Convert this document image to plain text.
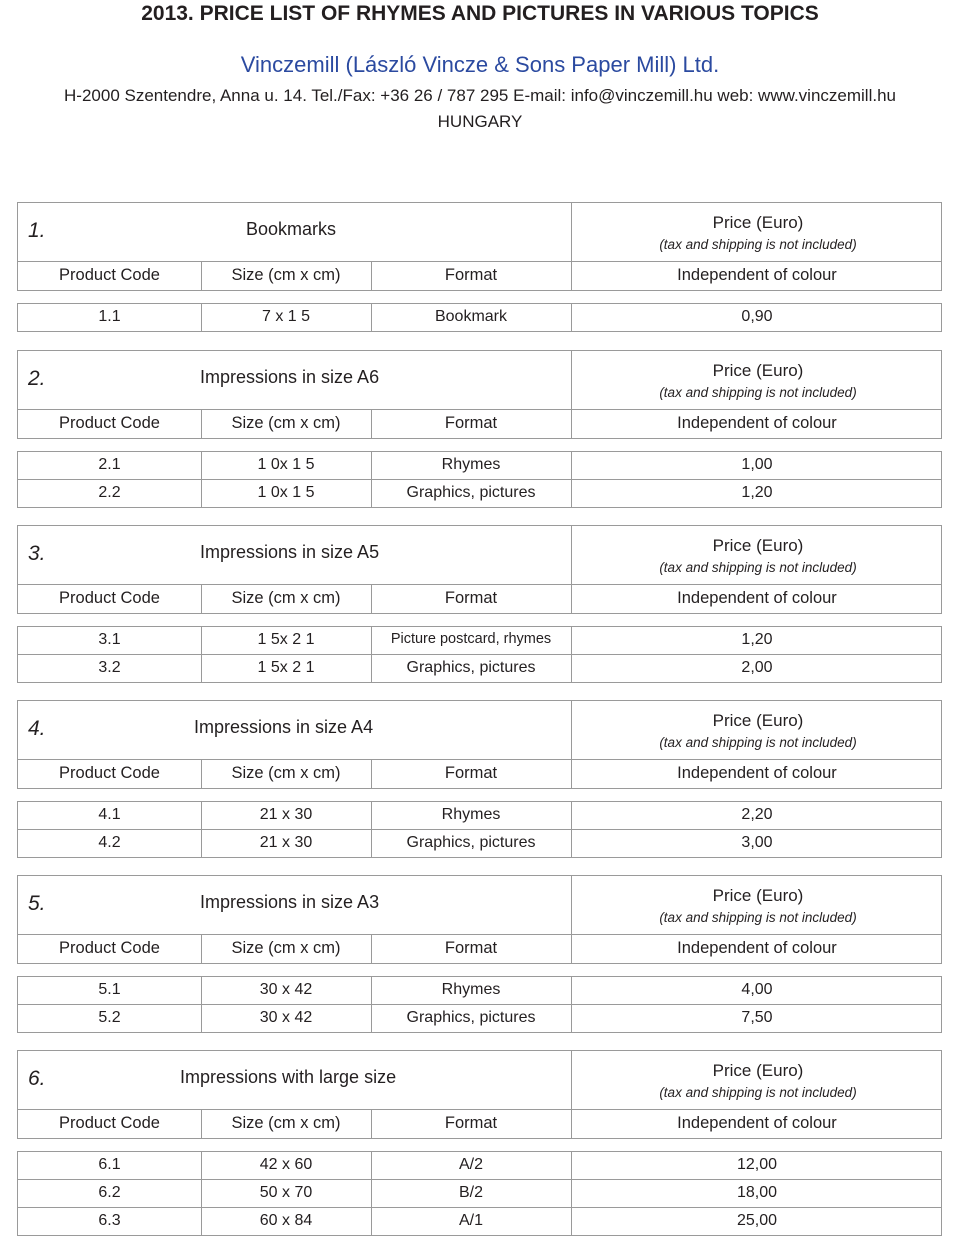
2013. PRICE LIST OF RHYMES AND PICTURES IN VARIOUS TOPICS
Vinczemill (László Vincze & Sons Paper Mill) Ltd.
H-2000 Szentendre, Anna u. 14. Tel./Fax: +36 26 / 787 295 E-mail: info@vinczemill.hu web: www.vinczemill.hu
HUNGARY
1.	Bookmarks	Price (Euro)
(tax and shipping is not included)
Product Code	Size (cm x cm)	Format	Independent of colour
1.1	7 x 1 5	Bookmark	0,90
2.	Impressions in size A6	Price (Euro)
(tax and shipping is not included)
Product Code	Size (cm x cm)	Format	Independent of colour
2.1	1 0x 1 5	Rhymes	1,00
2.2	1 0x 1 5	Graphics, pictures	1,20
3.	Impressions in size A5	Price (Euro)
(tax and shipping is not included)
Product Code	Size (cm x cm)	Format	Independent of colour
3.1	1 5x 2 1	Picture postcard, rhymes	1,20
3.2	1 5x 2 1	Graphics, pictures	2,00
4.	Impressions in size A4	Price (Euro)
(tax and shipping is not included)
Product Code	Size (cm x cm)	Format	Independent of colour
4.1	21 x 30	Rhymes	2,20
4.2	21 x 30	Graphics, pictures	3,00
5.	Impressions in size A3	Price (Euro)
(tax and shipping is not included)
Product Code	Size (cm x cm)	Format	Independent of colour
5.1	30 x 42	Rhymes	4,00
5.2	30 x 42	Graphics, pictures	7,50
6.	Impressions with large size	Price (Euro)
(tax and shipping is not included)
Product Code	Size (cm x cm)	Format	Independent of colour
6.1	42 x 60	A/2	12,00
6.2	50 x 70	B/2	18,00
6.3	60 x 84	A/1	25,00
